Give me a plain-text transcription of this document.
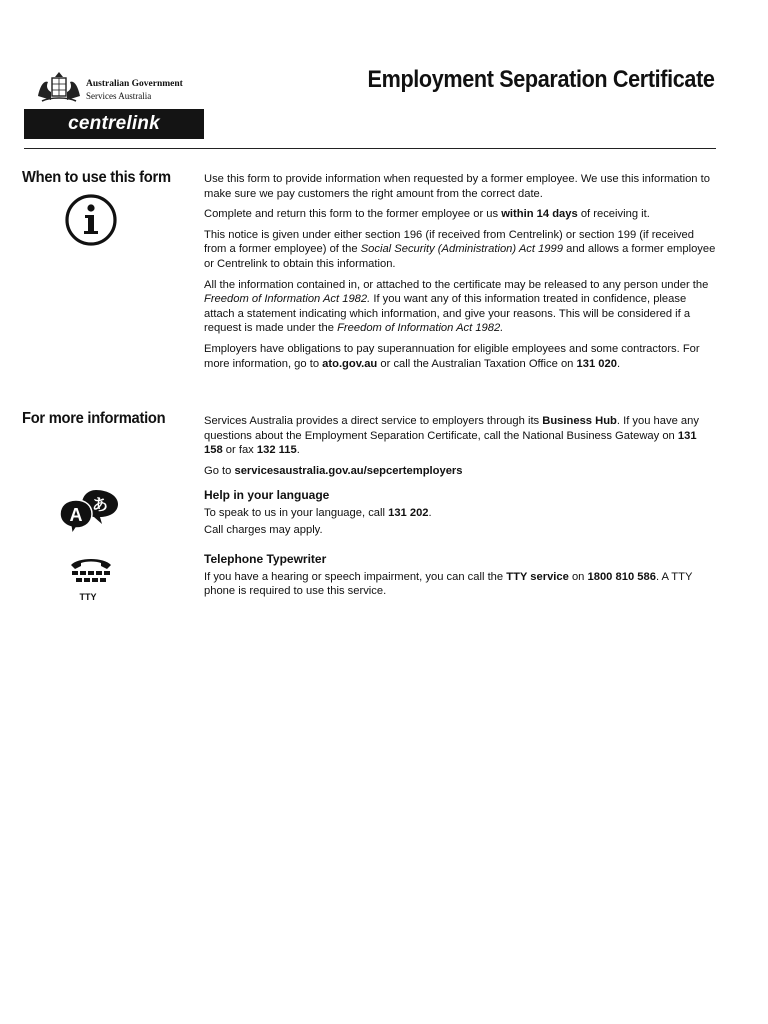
Australian Government
Services Australia
centrelink
Employment Separation Certificate
When to use this form	Use this form to provide information when requested by a former employee. We use this information to make sure we pay customers the right amount from the correct date.

Complete and return this form to the former employee or us within 14 days of receiving it.

This notice is given under either section 196 (if received from Centrelink) or section 199 (if received from a former employee) of the Social Security (Administration) Act 1999 and allows a former employee or Centrelink to obtain this information.

All the information contained in, or attached to the certificate may be released to any person under the Freedom of Information Act 1982. If you want any of this information treated in confidence, please attach a statement indicating which information, and give your reasons. This will be considered if a request is made under the Freedom of Information Act 1982.

Employers have obligations to pay superannuation for eligible employees and some contractors. For more information, go to ato.gov.au or call the Australian Taxation Office on 131 020.

For more information	Services Australia provides a direct service to employers through its Business Hub. If you have any questions about the Employment Separation Certificate, call the National Business Gateway on 131 158 or fax 132 115.

Go to servicesaustralia.gov.au/sepcertemployers

あ
A
Help in your language

To speak to us in your language, call 131 202.

Call charges may apply.

TTY
Telephone Typewriter

If you have a hearing or speech impairment, you can call the TTY service on 1800 810 586. A TTY phone is required to use this service.
